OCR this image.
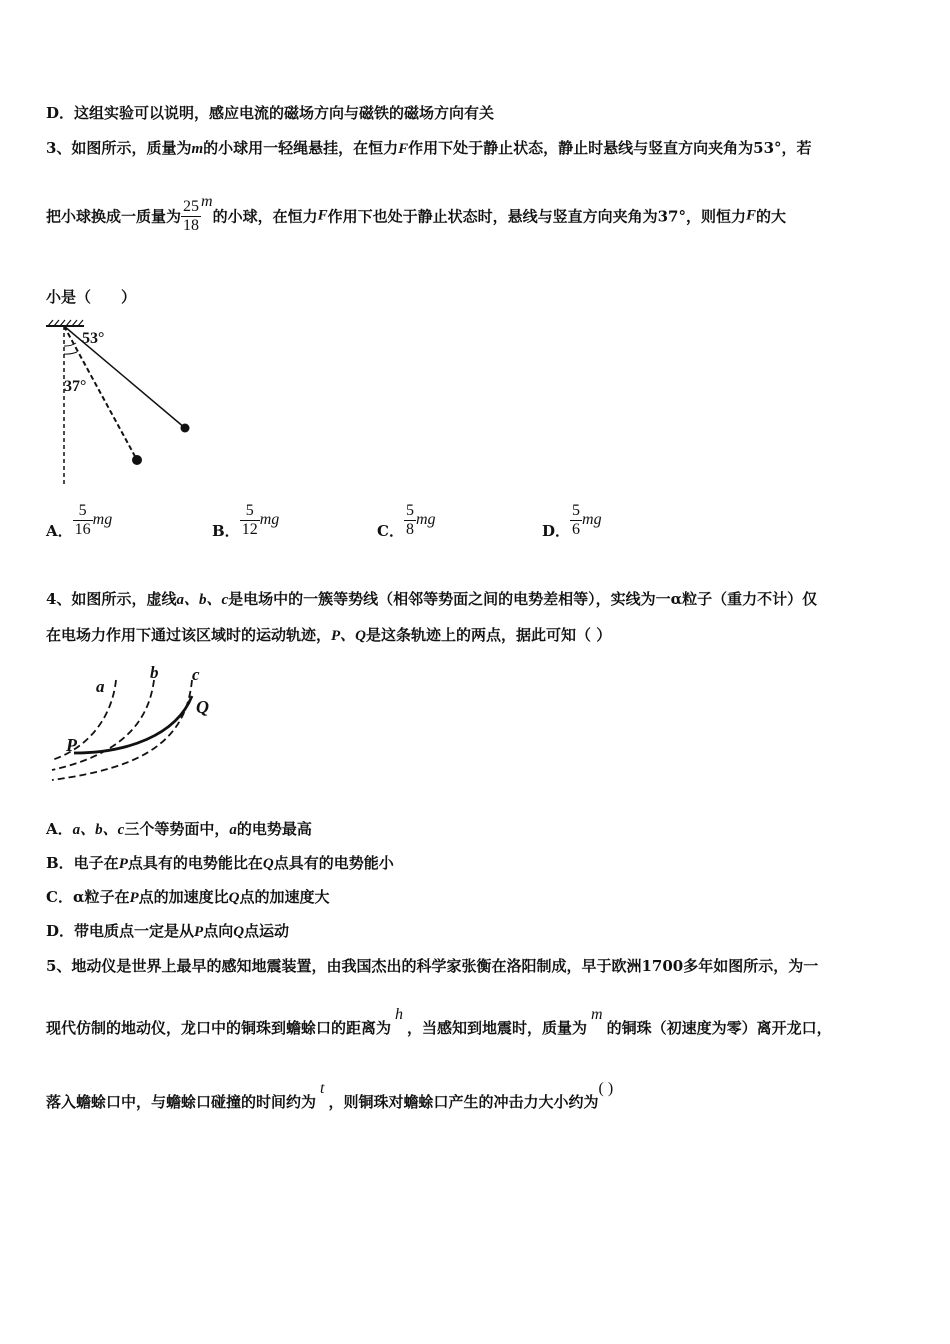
D．这组实验可以说明，感应电流的磁场方向与磁铁的磁场方向有关
3、如图所示，质量为m的小球用一轻绳悬挂，在恒力F作用下处于静止状态，静止时悬线与竖直方向夹角为53°，若
把小球换成一质量为 $\frac{25}{18}$ m的小球，在恒力F作用下也处于静止状态时，悬线与竖直方向夹角为37°，则恒力F的大
小是（　　）
53°
37°
A． $\frac{5}{16}$ mg
B． $\frac{5}{12}$ mg
C． $\frac{5}{8}$ mg
D． $\frac{5}{6}$ mg
4、如图所示，虚线a、b、c是电场中的一簇等势线（相邻等势面之间的电势差相等），实线为一α粒子（重力不计）仅
在电场力作用下通过该区域时的运动轨迹，P、Q是这条轨迹上的两点，据此可知（ ）
a
b c
P
Q
A．a、b、c三个等势面中，a的电势最高
B．电子在P点具有的电势能比在Q点具有的电势能小
C．α粒子在P点的加速度比Q点的加速度大
D．带电质点一定是从P点向Q点运动
5、地动仪是世界上最早的感知地震装置，由我国杰出的科学家张衡在洛阳制成，早于欧洲1700多年如图所示，为一
现代仿制的地动仪，龙口中的铜珠到蟾蜍口的距离为h，当感知到地震时，质量为m的铜珠（初速度为零）离开龙口，
落入蟾蜍口中，与蟾蜍口碰撞的时间约为t，则铜珠对蟾蜍口产生的冲击力大小约为( )
